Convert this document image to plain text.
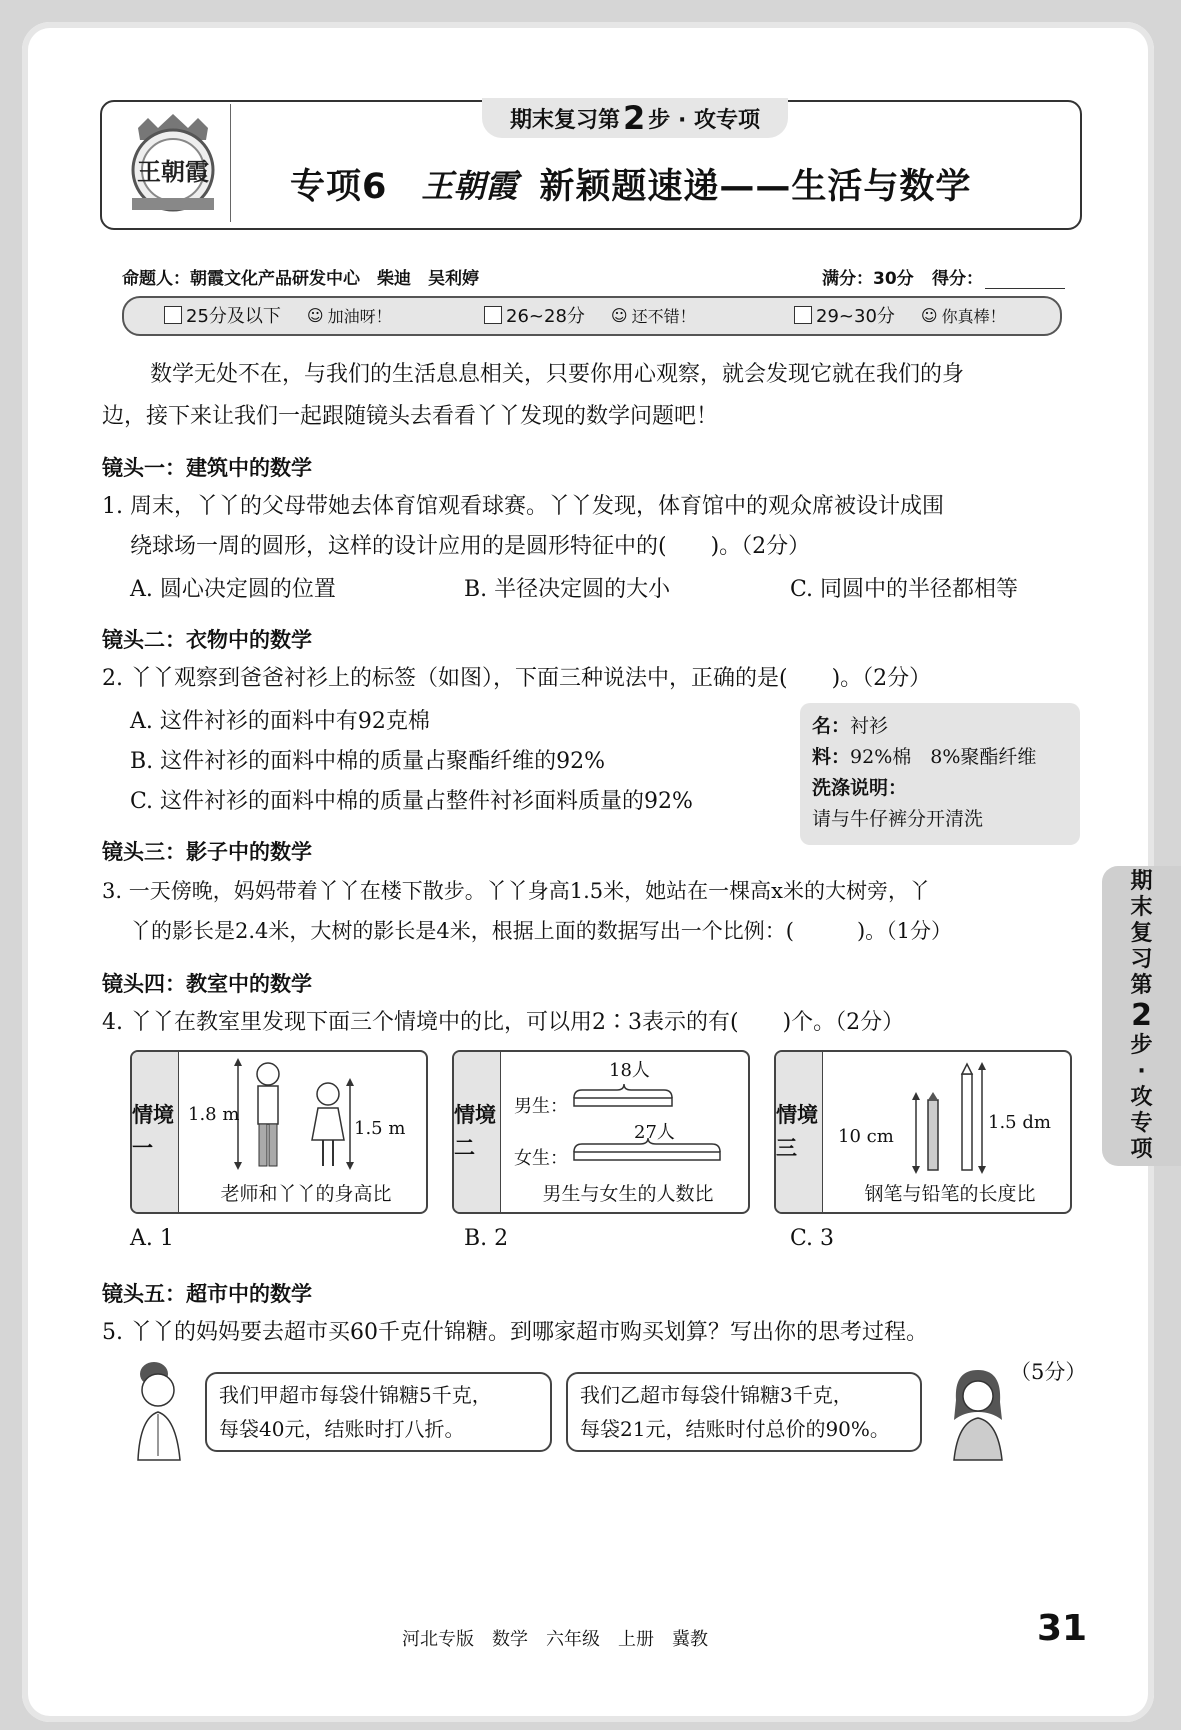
王朝霞
期末复习第 2 步 · 攻专项
专项6 王朝霞 新颖题速递——生活与数学
命题人：朝霞文化产品研发中心　柴迪　吴利婷	满分：30分 得分：
25分及以下 ☺ 加油呀！	26~28分 ☺ 还不错！	29~30分 ☺ 你真棒！
数学无处不在，与我们的生活息息相关，只要你用心观察，就会发现它就在我们的身
边，接下来让我们一起跟随镜头去看看丫丫发现的数学问题吧！
镜头一：建筑中的数学
1. 周末，丫丫的父母带她去体育馆观看球赛。丫丫发现，体育馆中的观众席被设计成围
绕球场一周的圆形，这样的设计应用的是圆形特征中的(　　)。（2分）
A. 圆心决定圆的位置	B. 半径决定圆的大小	C. 同圆中的半径都相等
镜头二：衣物中的数学
2. 丫丫观察到爸爸衬衫上的标签（如图），下面三种说法中，正确的是(　　)。（2分）
A. 这件衬衫的面料中有92克棉
B. 这件衬衫的面料中棉的质量占聚酯纤维的92%
C. 这件衬衫的面料中棉的质量占整件衬衫面料质量的92%
名：衬衫
料：92%棉　8%聚酯纤维
洗涤说明：
请与牛仔裤分开清洗
镜头三：影子中的数学
3. 一天傍晚，妈妈带着丫丫在楼下散步。丫丫身高1.5米，她站在一棵高x米的大树旁，丫
丫的影长是2.4米，大树的影长是4米，根据上面的数据写出一个比例：(　　　)。（1分）
镜头四：教室中的数学
4. 丫丫在教室里发现下面三个情境中的比，可以用2∶3表示的有(　　)个。（2分）
情境一
1.8 m
1.5 m
老师和丫丫的身高比
情境二
18人
男生：
27人
女生：
男生与女生的人数比
情境三	10 cm
1.5 dm
钢笔与铅笔的长度比
A. 1	B. 2	C. 3
镜头五：超市中的数学
5. 丫丫的妈妈要去超市买60千克什锦糖。到哪家超市购买划算？写出你的思考过程。
（5分）
我们甲超市每袋什锦糖5千克，
每袋40元，结账时打八折。
我们乙超市每袋什锦糖3千克，
每袋21元，结账时付总价的90%。
期
末
复
习
第
2
步
·
攻
专
项
河北专版　数学　六年级　上册　冀教	31
